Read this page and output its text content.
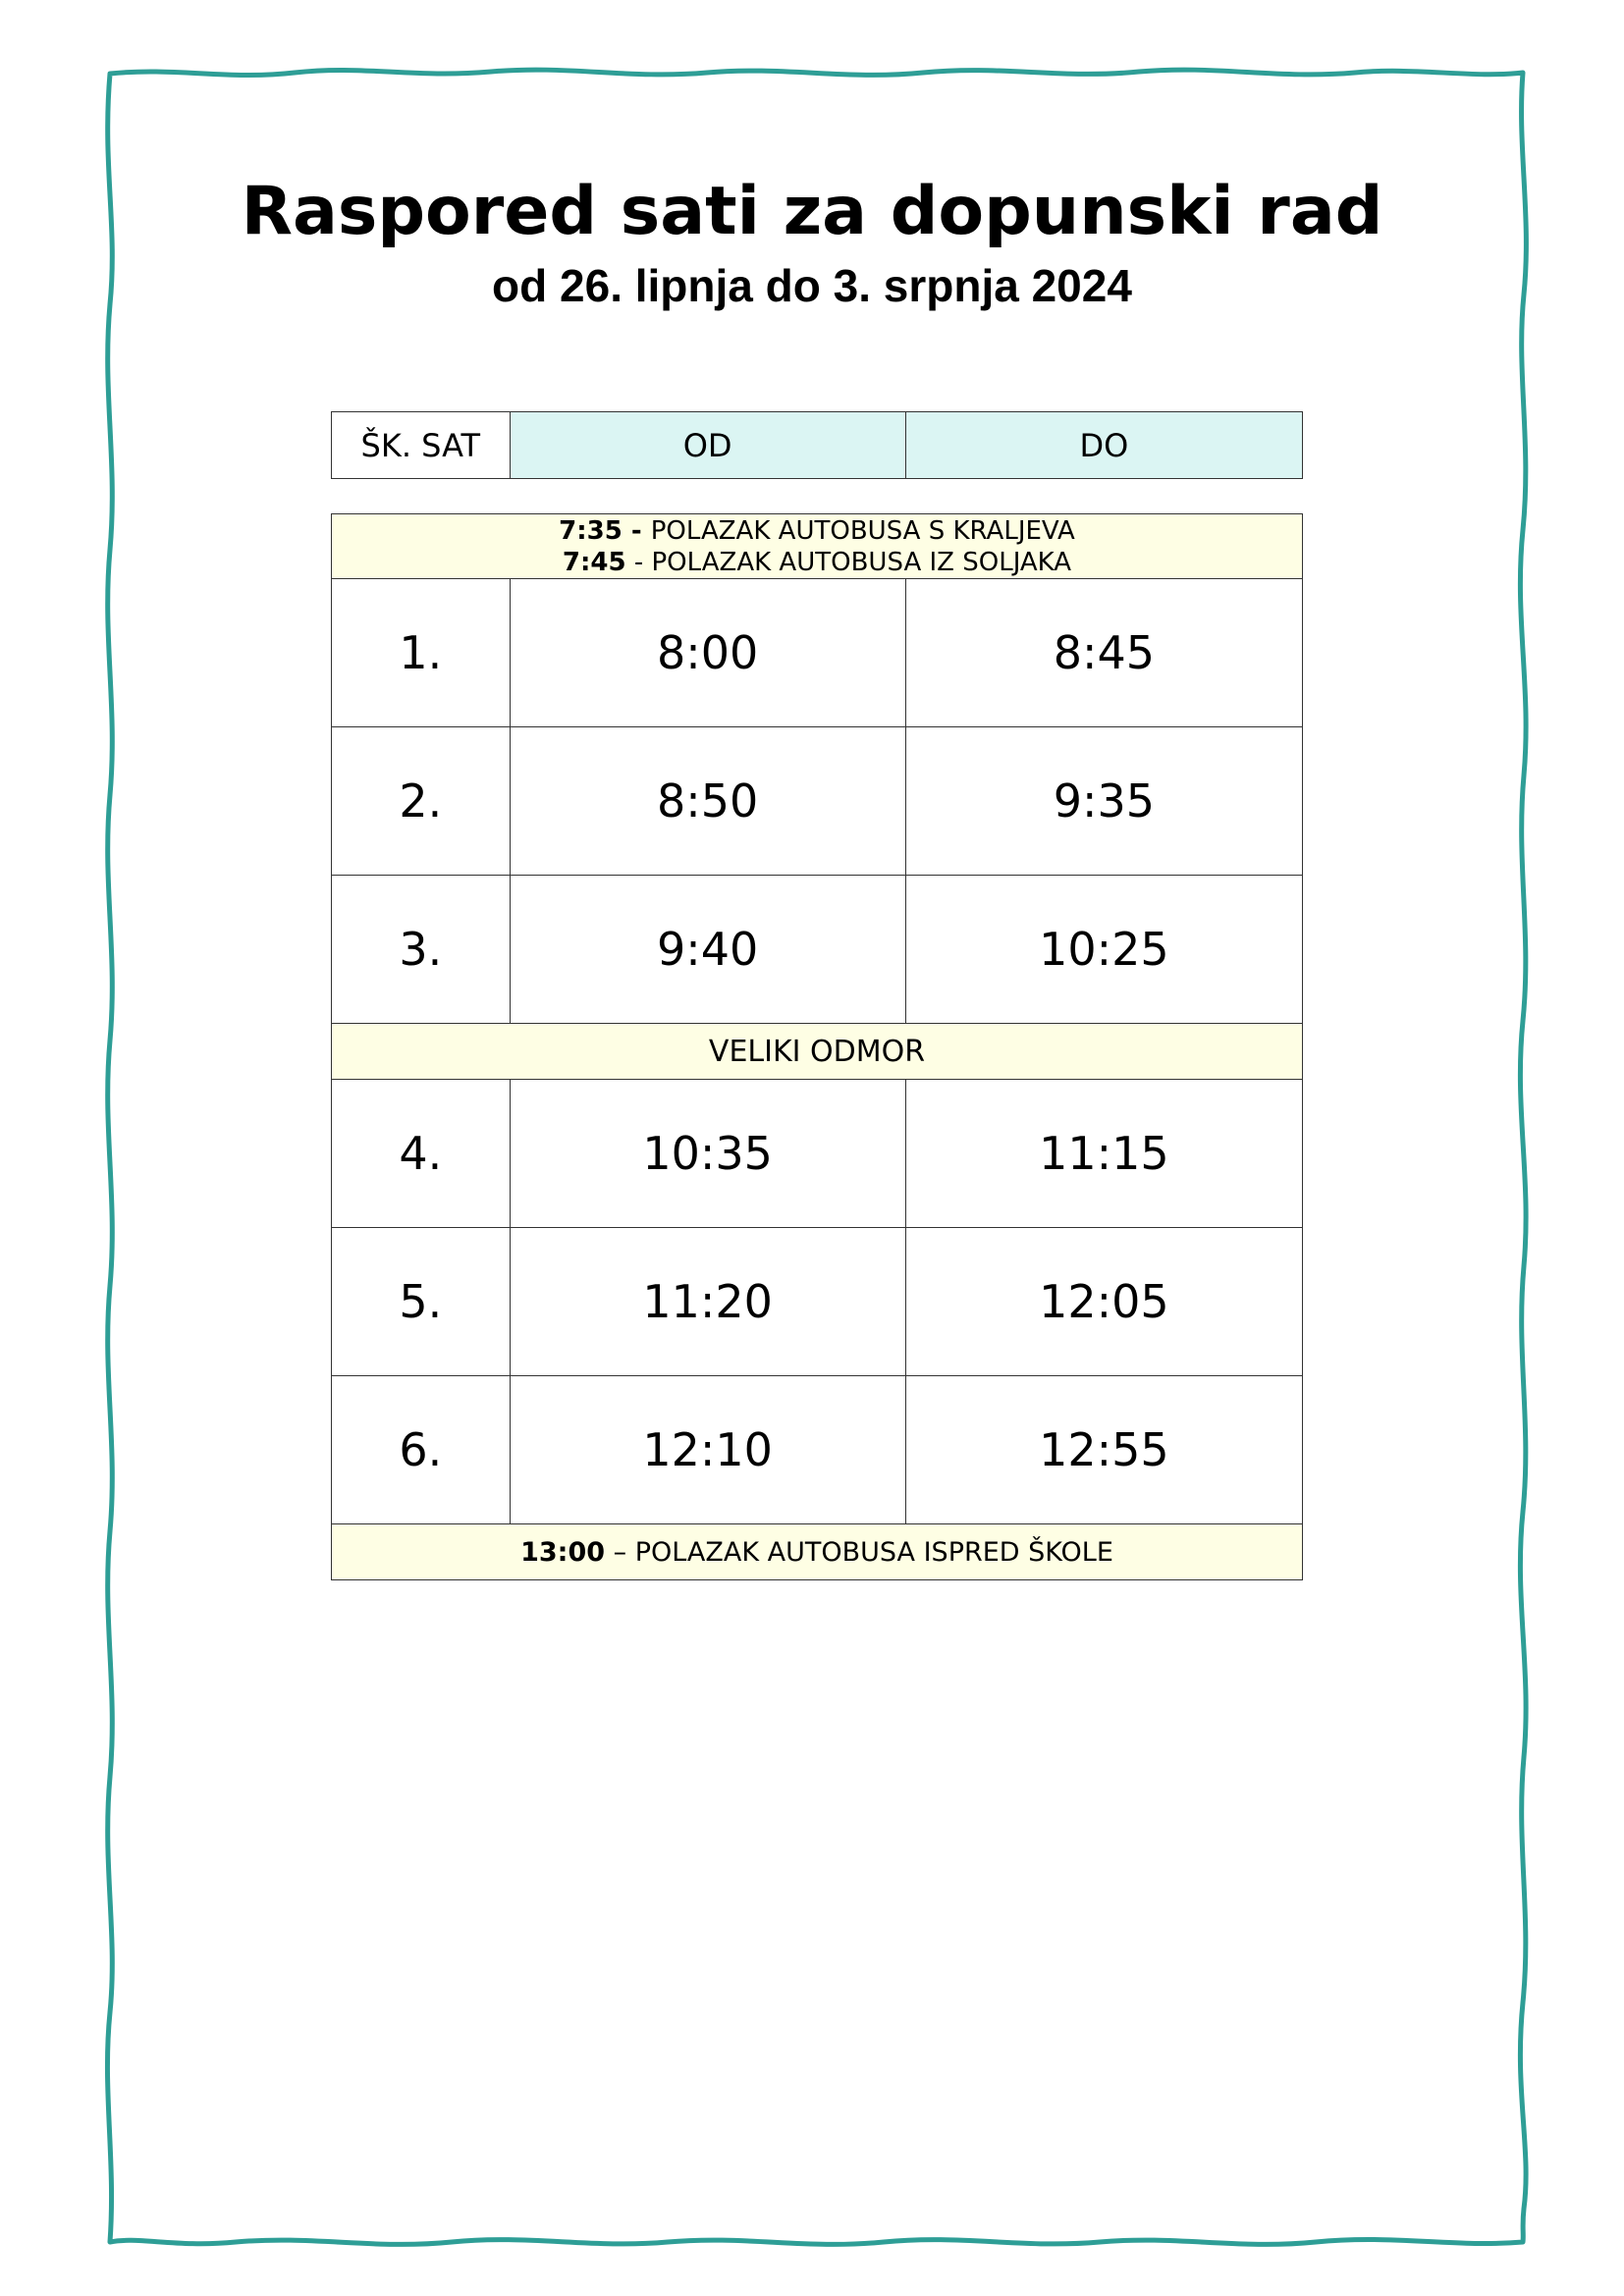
Raspored sati za dopunski rad
od 26. lipnja do 3. srpnja 2024
ŠK. SAT	OD	DO
7:35 - POLAZAK AUTOBUSA S KRALJEVA
7:45 - POLAZAK AUTOBUSA IZ SOLJAKA		

1.	8:00	8:45
2.	8:50	9:35
3.	9:40	10:25
VELIKI ODMOR		
4.	10:35	11:15
5.	11:20	12:05
6.	12:10	12:55
13:00 – POLAZAK AUTOBUSA ISPRED ŠKOLE		
